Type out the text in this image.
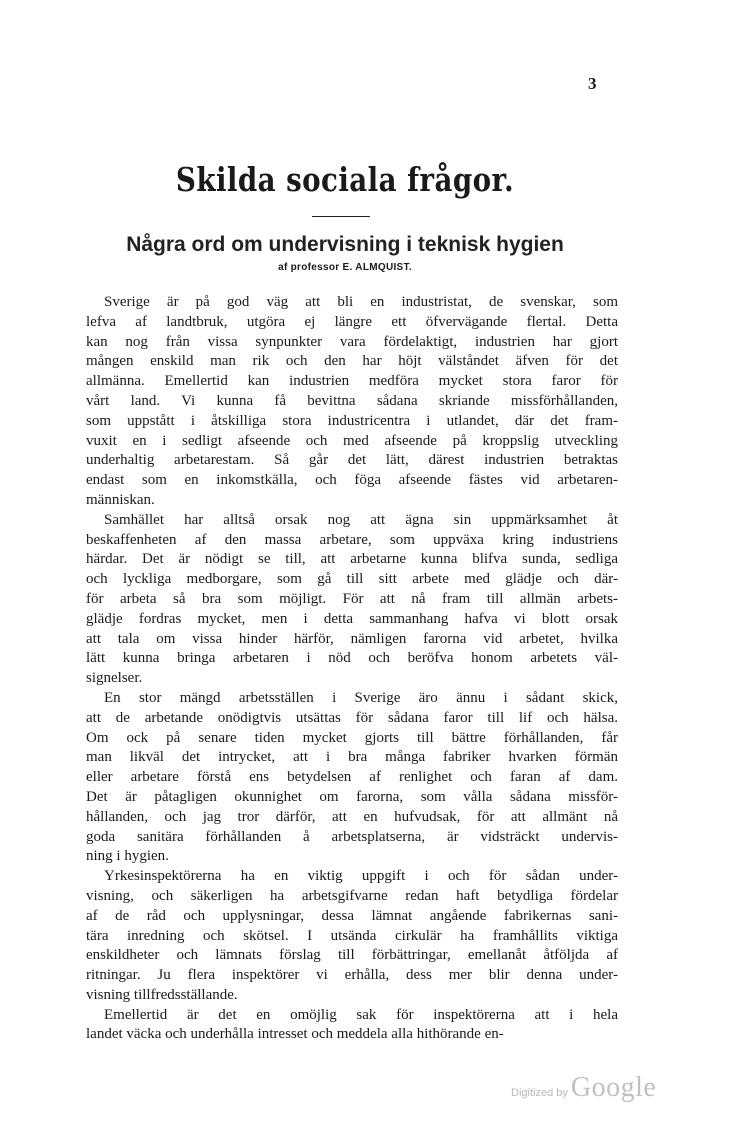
3
Skilda sociala frågor.
Några ord om undervisning i teknisk hygien
af professor E. ALMQUIST.

Sverige är på god väg att bli en industristat, de svenskar, som
lefva af landtbruk, utgöra ej längre ett öfvervägande flertal. Detta
kan nog från vissa synpunkter vara fördelaktigt, industrien har gjort
mången enskild man rik och den har höjt välståndet äfven för det
allmänna. Emellertid kan industrien medföra mycket stora faror för
vårt land. Vi kunna få bevittna sådana skriande missförhållanden,
som uppstått i åtskilliga stora industricentra i utlandet, där det fram-
vuxit en i sedligt afseende och med afseende på kroppslig utveckling
underhaltig arbetarestam. Så går det lätt, därest industrien betraktas
endast som en inkomstkälla, och föga afseende fästes vid arbetaren-
människan.

Samhället har alltså orsak nog att ägna sin uppmärksamhet åt
beskaffenheten af den massa arbetare, som uppväxa kring industriens
härdar. Det är nödigt se till, att arbetarne kunna blifva sunda, sedliga
och lyckliga medborgare, som gå till sitt arbete med glädje och där-
för arbeta så bra som möjligt. För att nå fram till allmän arbets-
glädje fordras mycket, men i detta sammanhang hafva vi blott orsak
att tala om vissa hinder härför, nämligen farorna vid arbetet, hvilka
lätt kunna bringa arbetaren i nöd och beröfva honom arbetets väl-
signelser.

En stor mängd arbetsställen i Sverige äro ännu i sådant skick,
att de arbetande onödigtvis utsättas för sådana faror till lif och hälsa.
Om ock på senare tiden mycket gjorts till bättre förhållanden, får
man likväl det intrycket, att i bra många fabriker hvarken förmän
eller arbetare förstå ens betydelsen af renlighet och faran af dam.
Det är påtagligen okunnighet om farorna, som vålla sådana missför-
hållanden, och jag tror därför, att en hufvudsak, för att allmänt nå
goda sanitära förhållanden å arbetsplatserna, är vidsträckt undervis-
ning i hygien.

Yrkesinspektörerna ha en viktig uppgift i och för sådan under-
visning, och säkerligen ha arbetsgifvarne redan haft betydliga fördelar
af de råd och upplysningar, dessa lämnat angående fabrikernas sani-
tära inredning och skötsel. I utsända cirkulär ha framhållits viktiga
enskildheter och lämnats förslag till förbättringar, emellanåt åtföljda af
ritningar. Ju flera inspektörer vi erhålla, dess mer blir denna under-
visning tillfredsställande.

Emellertid är det en omöjlig sak för inspektörerna att i hela
landet väcka och underhålla intresset och meddela alla hithörande en-

Digitized by Google
